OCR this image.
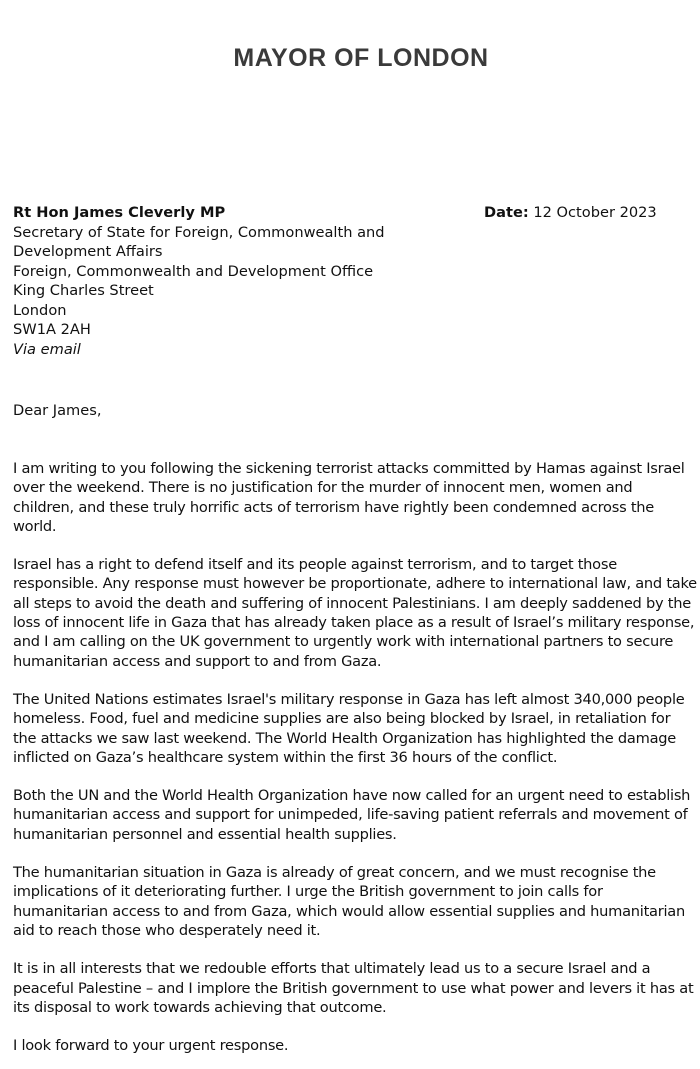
MAYOR OF LONDON
Rt Hon James Cleverly MP
Secretary of State for Foreign, Commonwealth and
Development Affairs
Foreign, Commonwealth and Development Office
King Charles Street
London
SW1A 2AH
Via email
Date: 12 October 2023
Dear James,

I am writing to you following the sickening terrorist attacks committed by Hamas against Israel over the weekend. There is no justification for the murder of innocent men, women and children, and these truly horrific acts of terrorism have rightly been condemned across the world.

Israel has a right to defend itself and its people against terrorism, and to target those responsible. Any response must however be proportionate, adhere to international law, and take all steps to avoid the death and suffering of innocent Palestinians. I am deeply saddened by the loss of innocent life in Gaza that has already taken place as a result of Israel’s military response, and I am calling on the UK government to urgently work with international partners to secure humanitarian access and support to and from Gaza.

The United Nations estimates Israel's military response in Gaza has left almost 340,000 people homeless. Food, fuel and medicine supplies are also being blocked by Israel, in retaliation for the attacks we saw last weekend. The World Health Organization has highlighted the damage inflicted on Gaza’s healthcare system within the first 36 hours of the conflict.

Both the UN and the World Health Organization have now called for an urgent need to establish humanitarian access and support for unimpeded, life-saving patient referrals and movement of humanitarian personnel and essential health supplies.

The humanitarian situation in Gaza is already of great concern, and we must recognise the implications of it deteriorating further. I urge the British government to join calls for humanitarian access to and from Gaza, which would allow essential supplies and humanitarian aid to reach those who desperately need it.

It is in all interests that we redouble efforts that ultimately lead us to a secure Israel and a peaceful Palestine – and I implore the British government to use what power and levers it has at its disposal to work towards achieving that outcome.

I look forward to your urgent response.
